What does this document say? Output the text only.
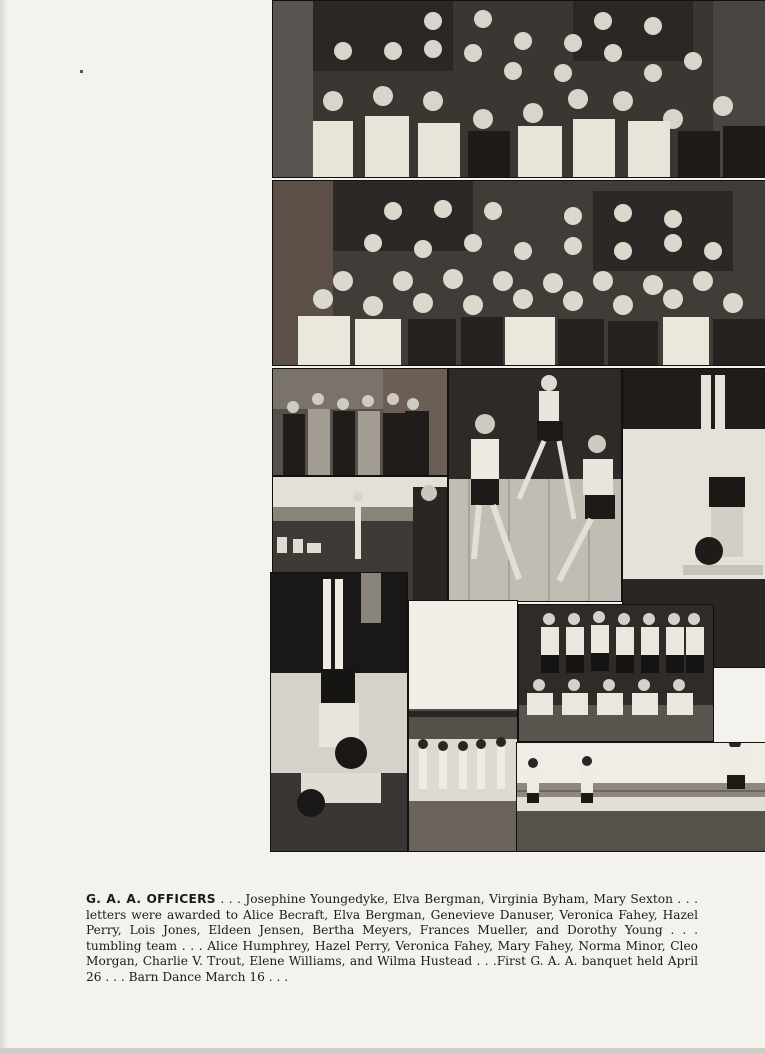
G. A. A. OFFICERS . . . Josephine Youngedyke, Elva Bergman, Virginia Byham, Mary Sexton . . . letters were awarded to Alice Becraft, Elva Bergman, Genevieve Danuser, Veronica Fahey, Hazel Perry, Lois Jones, Eldeen Jensen, Bertha Meyers, Frances Mueller, and Dorothy Young . . . tumbling team . . . Alice Humphrey, Hazel Perry, Veronica Fahey, Mary Fahey, Norma Minor, Cleo Morgan, Charlie V. Trout, Elene Williams, and Wilma Hustead . . .First G. A. A. banquet held April 26 . . . Barn Dance March 16 . . .
